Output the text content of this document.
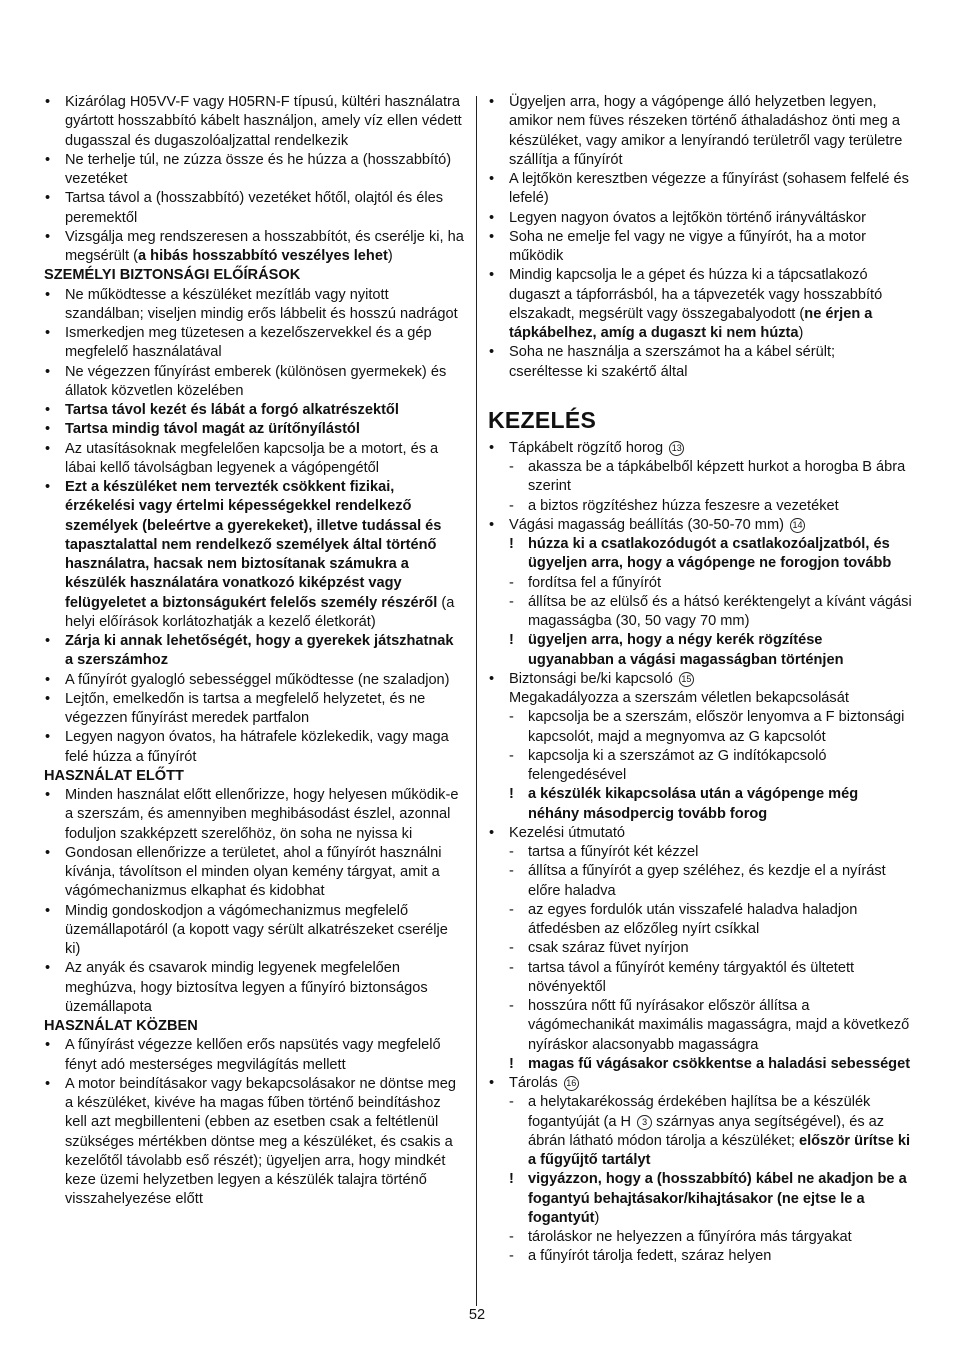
• Kizárólag H05VV-F vagy H05RN-F típusú, kültéri használatra gyártott hosszabbító kábelt használjon, amely víz ellen védett dugasszal és dugaszolóaljzattal rendelkezik
• Ne terhelje túl, ne zúzza össze és he húzza a (hosszabbító) vezetéket
• Tartsa távol a (hosszabbító) vezetéket hőtől, olajtól és éles peremektől
• Vizsgálja meg rendszeresen a hosszabbítót, és cserélje ki, ha megsérült (a hibás hosszabbító veszélyes lehet)
SZEMÉLYI BIZTONSÁGI ELŐÍRÁSOK
• Ne működtesse a készüléket mezítláb vagy nyitott szandálban; viseljen mindig erős lábbelit és hosszú nadrágot
• Ismerkedjen meg tüzetesen a kezelőszervekkel és a gép megfelelő használatával
• Ne végezzen fűnyírást emberek (különösen gyermekek) és állatok közvetlen közelében
• Tartsa távol kezét és lábát a forgó alkatrészektől
• Tartsa mindig távol magát az ürítőnyílástól
• Az utasításoknak megfelelően kapcsolja be a motort, és a lábai kellő távolságban legyenek a vágópengétől
• Ezt a készüléket nem tervezték csökkent fizikai, érzékelési vagy értelmi képességekkel rendelkező személyek (beleértve a gyerekeket), illetve tudással és tapasztalattal nem rendelkező személyek által történő használatra, hacsak nem biztosítanak számukra a készülék használatára vonatkozó kiképzést vagy felügyeletet a biztonságukért felelős személy részéről (a helyi előírások korlátozhatják a kezelő életkorát)
• Zárja ki annak lehetőségét, hogy a gyerekek játszhatnak a szerszámhoz
• A fűnyírót gyalogló sebességgel működtesse (ne szaladjon)
• Lejtőn, emelkedőn is tartsa a megfelelő helyzetet, és ne végezzen fűnyírást meredek partfalon
• Legyen nagyon óvatos, ha hátrafele közlekedik, vagy maga felé húzza a fűnyírót
HASZNÁLAT ELŐTT
• Minden használat előtt ellenőrizze, hogy helyesen működik-e a szerszám, és amennyiben meghibásodást észlel, azonnal foduljon szakképzett szerelőhöz, ön soha ne nyissa ki
• Gondosan ellenőrizze a területet, ahol a fűnyírót használni kívánja, távolítson el minden olyan kemény tárgyat, amit a vágómechanizmus elkaphat és kidobhat
• Mindig gondoskodjon a vágómechanizmus megfelelő üzemállapotáról (a kopott vagy sérült alkatrészeket cserélje ki)
• Az anyák és csavarok mindig legyenek megfelelően meghúzva, hogy biztosítva legyen a fűnyíró biztonságos üzemállapota
HASZNÁLAT KÖZBEN
• A fűnyírást végezze kellően erős napsütés vagy megfelelő fényt adó mesterséges megvilágítás mellett
• A motor beindításakor vagy bekapcsolásakor ne döntse meg a készüléket, kivéve ha magas fűben történő beindításhoz kell azt megbillenteni (ebben az esetben csak a feltétlenül szükséges mértékben döntse meg a készüléket, és csakis a kezelőtől távolabb eső részét); ügyeljen arra, hogy mindkét keze üzemi helyzetben legyen a készülék talajra történő visszahelyezése előtt
• Ügyeljen arra, hogy a vágópenge álló helyzetben legyen, amikor nem füves részeken történő áthaladáshoz önti meg a készüléket, vagy amikor a lenyírandó területről vagy területre szállítja a fűnyírót
• A lejtőkön keresztben végezze a fűnyírást (sohasem felfelé és lefelé)
• Legyen nagyon óvatos a lejtőkön történő irányváltáskor
• Soha ne emelje fel vagy ne vigye a fűnyírót, ha a motor működik
• Mindig kapcsolja le a gépet és húzza ki a tápcsatlakozó dugaszt a tápforrásból, ha a tápvezeték vagy hosszabbító elszakadt, megsérült vagy összegabalyodott (ne érjen a tápkábelhez, amíg a dugaszt ki nem húzta)
• Soha ne használja a szerszámot ha a kábel sérült; cseréltesse ki szakértő által
KEZELÉS
• Tápkábelt rögzítő horog 13
- akassza be a tápkábelből képzett hurkot a horogba B ábra szerint
- a biztos rögzítéshez húzza feszesre a vezetéket
• Vágási magasság beállítás (30-50-70 mm) 14
! húzza ki a csatlakozódugót a csatlakozóaljzatból, és ügyeljen arra, hogy a vágópenge ne forogjon tovább
- fordítsa fel a fűnyírót
- állítsa be az elülső és a hátsó keréktengelyt a kívánt vágási magasságba (30, 50 vagy 70 mm)
! ügyeljen arra, hogy a négy kerék rögzítése ugyanabban a vágási magasságban történjen
• Biztonsági be/ki kapcsoló 15
Megakadályozza a szerszám véletlen bekapcsolását
- kapcsolja be a szerszám, először lenyomva a F biztonsági kapcsolót, majd a megnyomva az G kapcsolót
- kapcsolja ki a szerszámot az G indítókapcsoló felengedésével
! a készülék kikapcsolása után a vágópenge még néhány másodpercig tovább forog
• Kezelési útmutató
- tartsa a fűnyírót két kézzel
- állítsa a fűnyírót a gyep széléhez, és kezdje el a nyírást előre haladva
- az egyes fordulók után visszafelé haladva haladjon átfedésben az előzőleg nyírt csíkkal
- csak száraz füvet nyírjon
- tartsa távol a fűnyírót kemény tárgyaktól és ültetett növényektől
- hosszúra nőtt fű nyírásakor először állítsa a vágómechanikát maximális magasságra, majd a következő nyíráskor alacsonyabb magasságra
! magas fű vágásakor csökkentse a haladási sebességet
• Tárolás 16
- a helytakarékosság érdekében hajlítsa be a készülék fogantyúját (a H 3 szárnyas anya segítségével), és az ábrán látható módon tárolja a készüléket; először ürítse ki a fűgyűjtő tartályt
! vigyázzon, hogy a (hosszabbító) kábel ne akadjon be a fogantyú behajtásakor/kihajtásakor (ne ejtse le a fogantyút)
- tároláskor ne helyezzen a fűnyíróra más tárgyakat
- a fűnyírót tárolja fedett, száraz helyen
52
